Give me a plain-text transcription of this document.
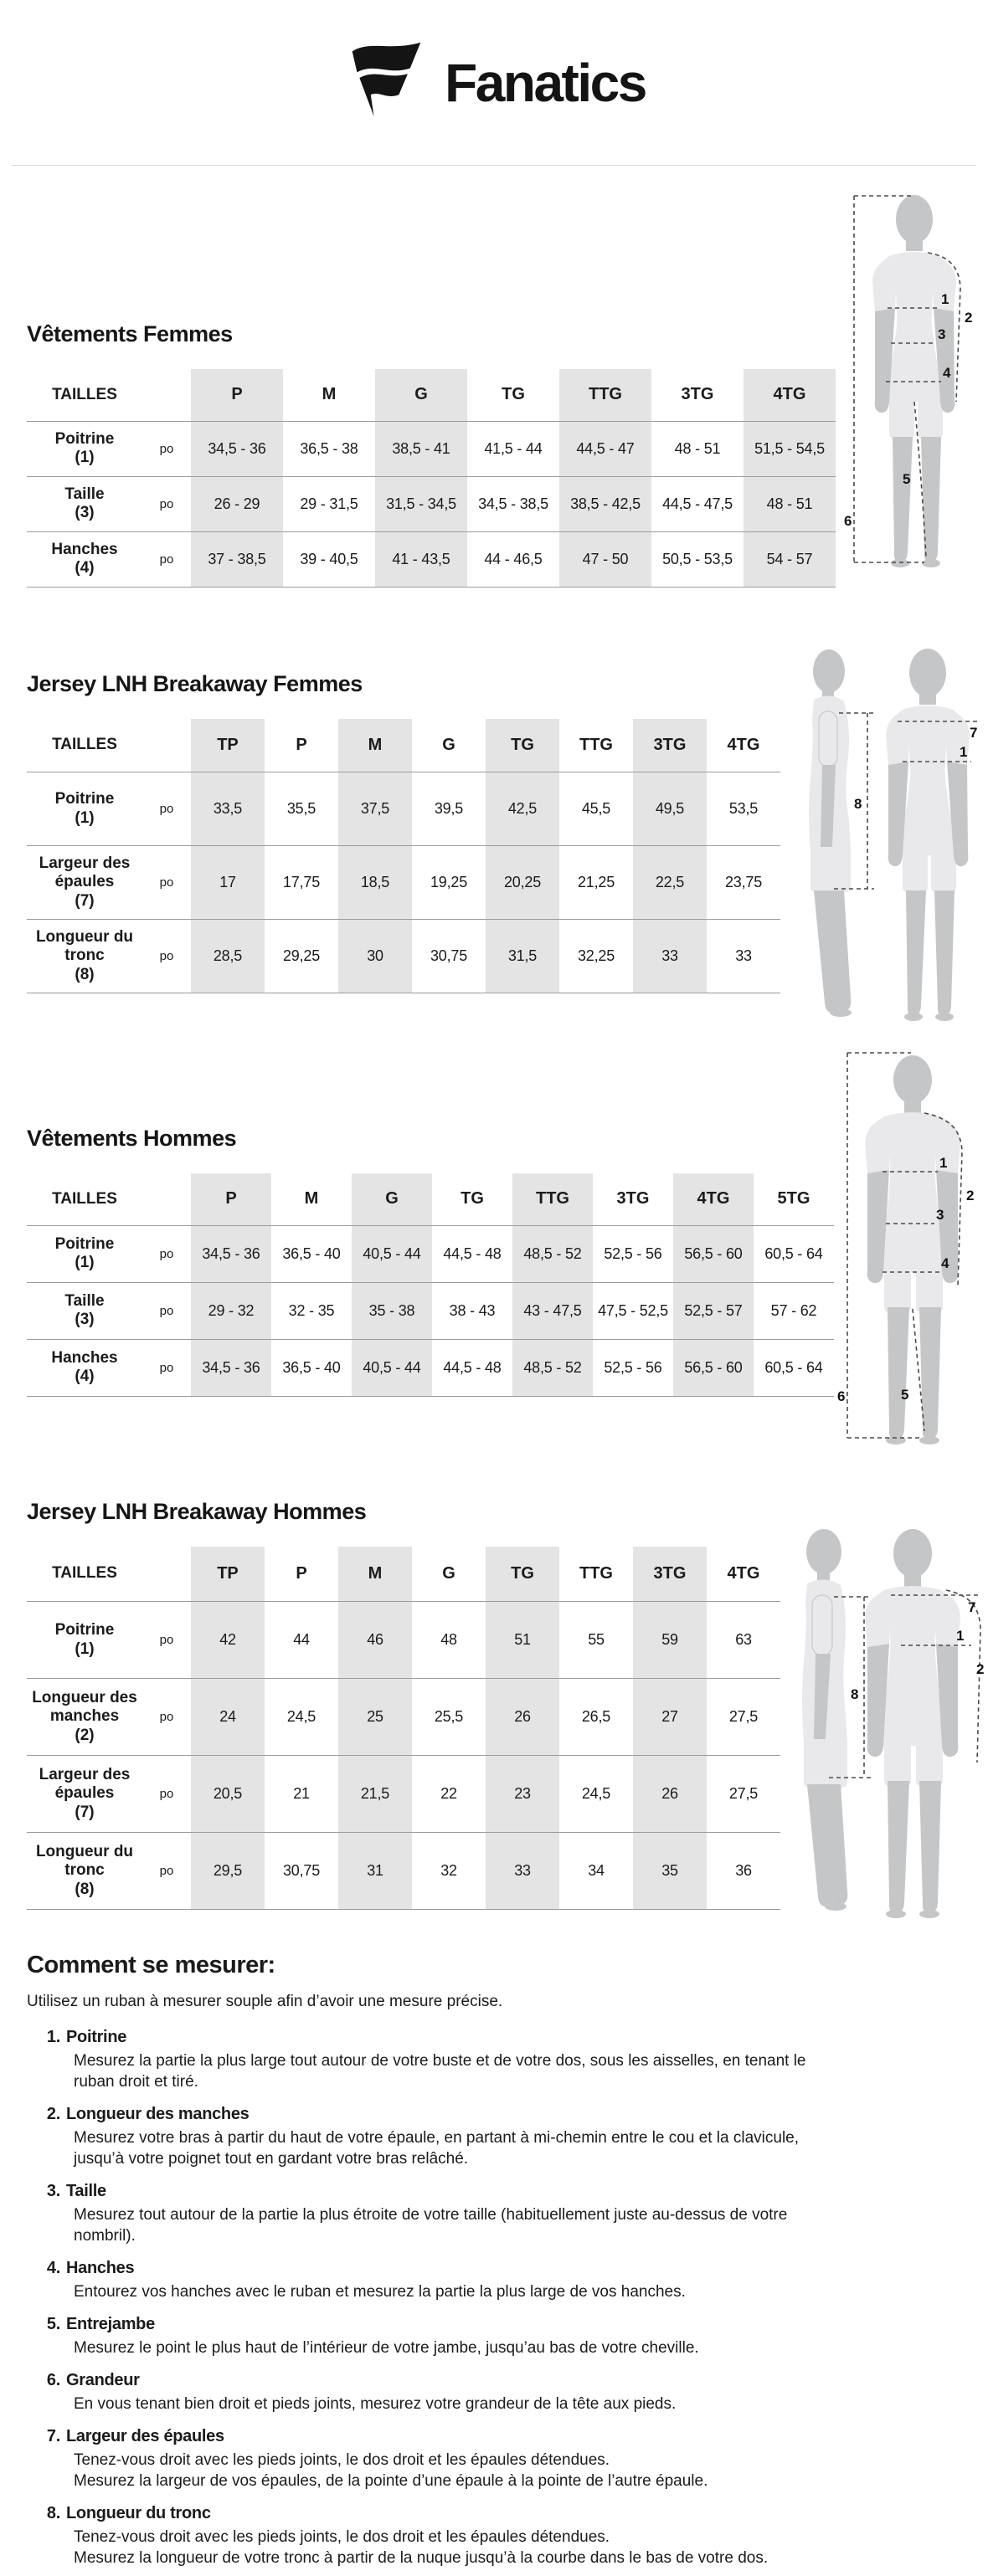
Fanatics
Vêtements Femmes
TAILLES		P	M	G	TG	TTG	3TG	4TG

Poitrine
(1)	po	34,5 - 36	36,5 - 38	38,5 - 41	41,5 - 44	44,5 - 47	48 - 51	51,5 - 54,5

Taille
(3)	po	26 - 29	29 - 31,5	31,5 - 34,5	34,5 - 38,5	38,5 - 42,5	44,5 - 47,5	48 - 51

Hanches
(4)	po	37 - 38,5	39 - 40,5	41 - 43,5	44 - 46,5	47 - 50	50,5 - 53,5	54 - 57
Jersey LNH Breakaway Femmes
TAILLES		TP	P	M	G	TG	TTG	3TG	4TG

Poitrine
(1)	po	33,5	35,5	37,5	39,5	42,5	45,5	49,5	53,5

Largeur des épaules
(7)	po	17	17,75	18,5	19,25	20,25	21,25	22,5	23,75

Longueur du tronc
(8)	po	28,5	29,25	30	30,75	31,5	32,25	33	33
Vêtements Hommes
TAILLES		P	M	G	TG	TTG	3TG	4TG	5TG

Poitrine
(1)	po	34,5 - 36	36,5 - 40	40,5 - 44	44,5 - 48	48,5 - 52	52,5 - 56	56,5 - 60	60,5 - 64

Taille
(3)	po	29 - 32	32 - 35	35 - 38	38 - 43	43 - 47,5	47,5 - 52,5	52,5 - 57	57 - 62

Hanches
(4)	po	34,5 - 36	36,5 - 40	40,5 - 44	44,5 - 48	48,5 - 52	52,5 - 56	56,5 - 60	60,5 - 64
Jersey LNH Breakaway Hommes
TAILLES		TP	P	M	G	TG	TTG	3TG	4TG

Poitrine
(1)	po	42	44	46	48	51	55	59	63

Longueur des manches
(2)	po	24	24,5	25	25,5	26	26,5	27	27,5

Largeur des épaules
(7)	po	20,5	21	21,5	22	23	24,5	26	27,5

Longueur du tronc
(8)	po	29,5	30,75	31	32	33	34	35	36
Comment se mesurer:
Utilisez un ruban à mesurer souple afin d’avoir une mesure précise.
1. Poitrine
Mesurez la partie la plus large tout autour de votre buste et de votre dos, sous les aisselles, en tenant le ruban droit et tiré.
2. Longueur des manches
Mesurez votre bras à partir du haut de votre épaule, en partant à mi-chemin entre le cou et la clavicule, jusqu’à votre poignet tout en gardant votre bras relâché.
3. Taille
Mesurez tout autour de la partie la plus étroite de votre taille (habituellement juste au-dessus de votre nombril).
4. Hanches
Entourez vos hanches avec le ruban et mesurez la partie la plus large de vos hanches.
5. Entrejambe
Mesurez le point le plus haut de l’intérieur de votre jambe, jusqu’au bas de votre cheville.
6. Grandeur
En vous tenant bien droit et pieds joints, mesurez votre grandeur de la tête aux pieds.
7. Largeur des épaules
Tenez-vous droit avec les pieds joints, le dos droit et les épaules détendues.
Mesurez la largeur de vos épaules, de la pointe d’une épaule à la pointe de l’autre épaule.
8. Longueur du tronc
Tenez-vous droit avec les pieds joints, le dos droit et les épaules détendues.
Mesurez la longueur de votre tronc à partir de la nuque jusqu’à la courbe dans le bas de votre dos.
1
2
3
4
5
6
8
7
1
1
2
3
4
5
6
8
7
1
2
